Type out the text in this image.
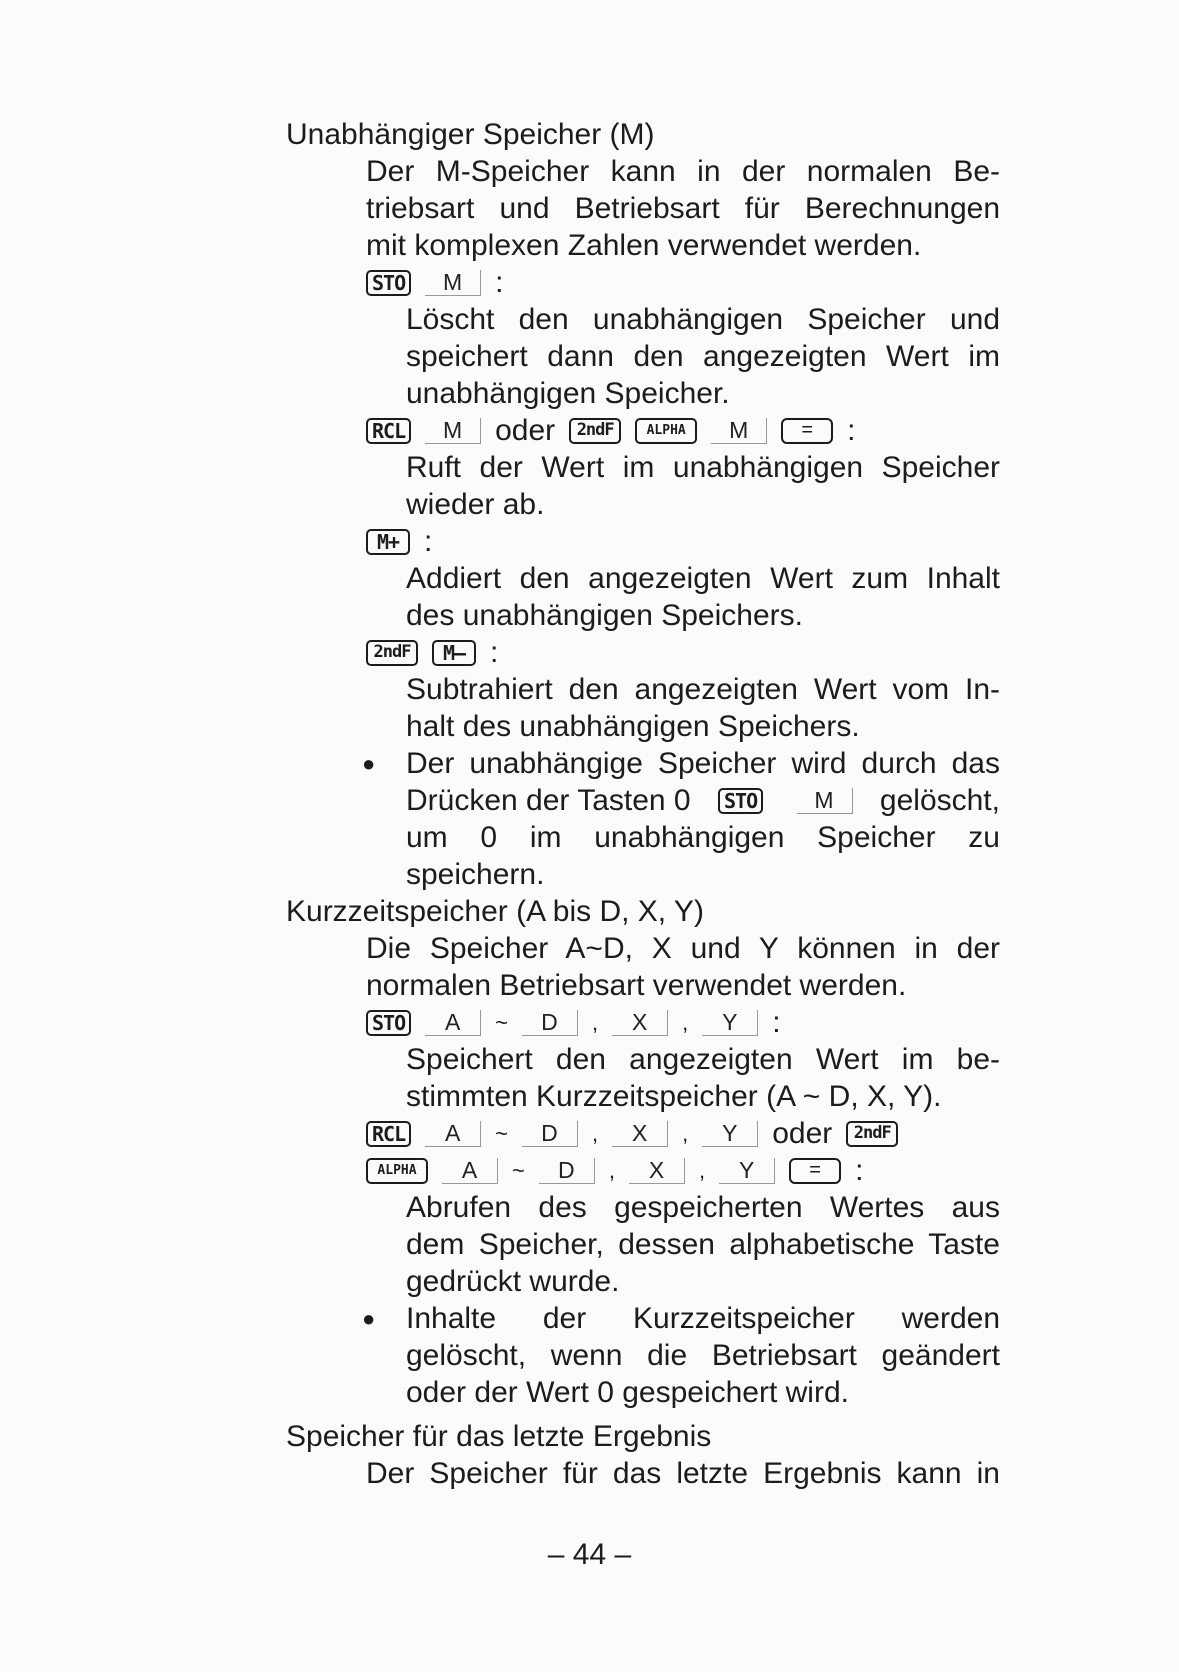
Unabhängiger Speicher (M)
Der M-Speicher kann in der normalen Be-
triebsart und Betriebsart für Berechnungen
mit komplexen Zahlen verwendet werden.
STO	M	:
Löscht den unabhängigen Speicher und
speichert dann den angezeigten Wert im
unabhängigen Speicher.
RCL	M	oder	2ndF	ALPHA	M	=	:
Ruft der Wert im unabhängigen Speicher
wieder ab.
M+ :
Addiert den angezeigten Wert zum Inhalt
des unabhängigen Speichers.
2ndF	M– :
Subtrahiert den angezeigten Wert vom In-
halt des unabhängigen Speichers.
● Der unabhängige Speicher wird durch das
Drücken der Tasten 0	STO	M	gelöscht,
um 0 im unabhängigen Speicher zu
speichern.
Kurzzeitspeicher (A bis D, X, Y)
Die Speicher A~D, X und Y können in der
normalen Betriebsart verwendet werden.
STO	A	~	D	,	X	,	Y	:
Speichert den angezeigten Wert im be-
stimmten Kurzzeitspeicher (A ~ D, X, Y).
RCL	A	~	D	,	X	,	Y	oder	2ndF
ALPHA	A	~	D	,	X	,	Y	=	:
Abrufen des gespeicherten Wertes aus
dem Speicher, dessen alphabetische Taste
gedrückt wurde.
● Inhalte der Kurzzeitspeicher werden
gelöscht, wenn die Betriebsart geändert
oder der Wert 0 gespeichert wird.
Speicher für das letzte Ergebnis
Der Speicher für das letzte Ergebnis kann in
– 44 –
